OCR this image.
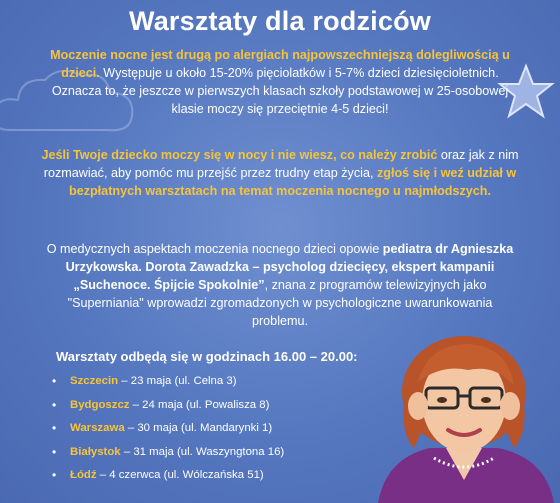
Warsztaty dla rodziców
Moczenie nocne jest drugą po alergiach najpowszechniejszą dolegliwością u dzieci. Występuje u około 15-20% pięciolatków i 5-7% dzieci dziesięcioletnich. Oznacza to, że jeszcze w pierwszych klasach szkoły podstawowej w 25-osobowej klasie moczy się przeciętnie 4-5 dzieci!
Jeśli Twoje dziecko moczy się w nocy i nie wiesz, co należy zrobić oraz jak z nim rozmawiać, aby pomóc mu przejść przez trudny etap życia, zgłoś się i weź udział w bezpłatnych warsztatach na temat moczenia nocnego u najmłodszych.
O medycznych aspektach moczenia nocnego dzieci opowie pediatra dr Agnieszka Urzykowska. Dorota Zawadzka – psycholog dziecięcy, ekspert kampanii „Suchenoce. Śpijcie Spokolnie”, znana z programów telewizyjnych jako "Superniania" wprowadzi zgromadzonych w psychologiczne uwarunkowania problemu.
Warsztaty odbędą się w godzinach 16.00 – 20.00:
• Szczecin – 23 maja (ul. Celna 3)
• Bydgoszcz – 24 maja (ul. Powalisza 8)
• Warszawa – 30 maja (ul. Mandarynki 1)
• Białystok – 31 maja (ul. Waszyngtona 16)
• Łódź – 4 czerwca (ul. Wólczańska 51)
